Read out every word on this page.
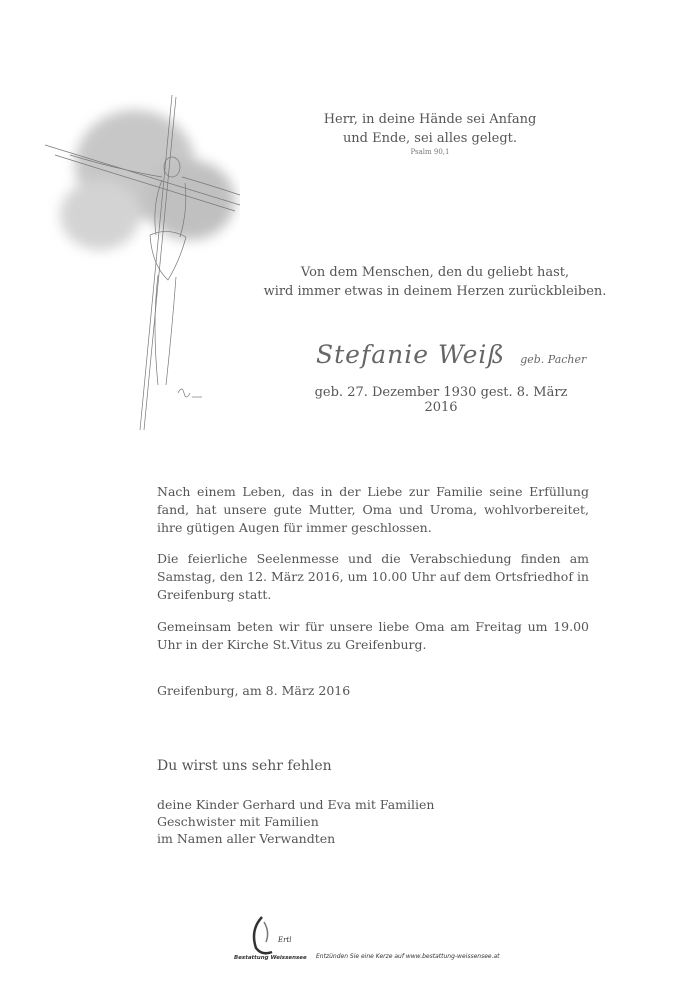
Herr, in deine Hände sei Anfang
und Ende, sei alles gelegt.
Psalm 90,1
Von dem Menschen, den du geliebt hast,
wird immer etwas in deinem Herzen zurückbleiben.
Stefanie Weiß geb. Pacher
geb. 27. Dezember 1930 gest. 8. März 2016
Nach einem Leben, das in der Liebe zur Familie seine Erfüllung fand, hat unsere gute Mutter, Oma und Uroma, wohlvorbereitet, ihre gütigen Augen für immer geschlossen.
Die feierliche Seelenmesse und die Verabschiedung finden am Samstag, den 12. März 2016, um 10.00 Uhr auf dem Ortsfriedhof in Greifenburg statt.
Gemeinsam beten wir für unsere liebe Oma am Freitag um 19.00 Uhr in der Kirche St.Vitus zu Greifenburg.
Greifenburg, am 8. März 2016
Du wirst uns sehr fehlen
deine Kinder Gerhard und Eva mit Familien
Geschwister mit Familien
im Namen aller Verwandten
Ertl
Bestattung Weissensee Entzünden Sie eine Kerze auf www.bestattung-weissensee.at
